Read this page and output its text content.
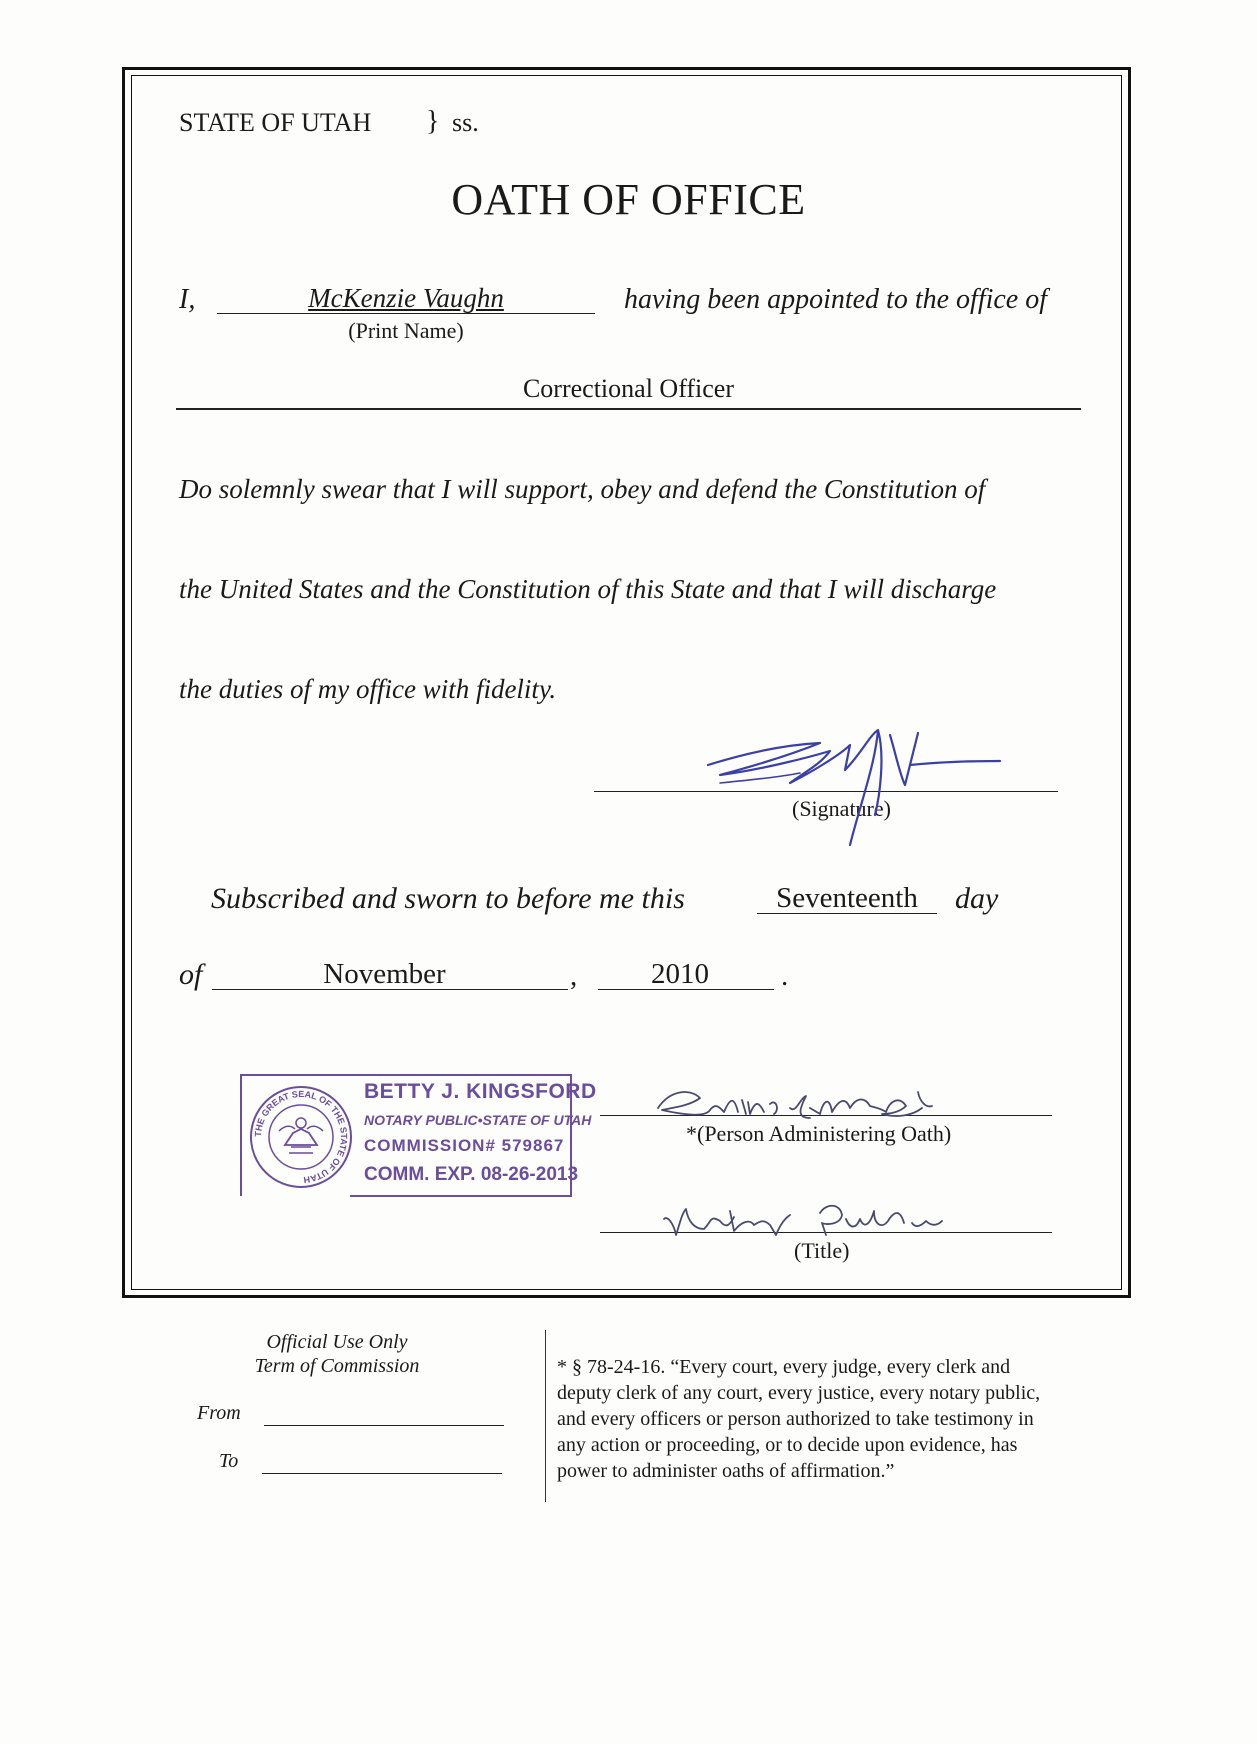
STATE OF UTAH } ss.
OATH OF OFFICE
I,	McKenzie Vaughn	having been appointed to the office of
(Print Name)
Correctional Officer
Do solemnly swear that I will support, obey and defend the Constitution of
the United States and the Constitution of this State and that I will discharge
the duties of my office with fidelity.
(Signature)
Subscribed and sworn to before me this	Seventeenth	day
of	November	,	2010	.
THE GREAT SEAL OF THE STATE OF UTAH
BETTY J. KINGSFORD
NOTARY PUBLIC•STATE OF UTAH
COMMISSION# 579867
COMM. EXP. 08-26-2013
*(Person Administering Oath)
(Title)
Official Use Only
Term of Commission
From
To
* § 78-24-16. “Every court, every judge, every clerk and
deputy clerk of any court, every justice, every notary public,
and every officers or person authorized to take testimony in
any action or proceeding, or to decide upon evidence, has
power to administer oaths of affirmation.”
